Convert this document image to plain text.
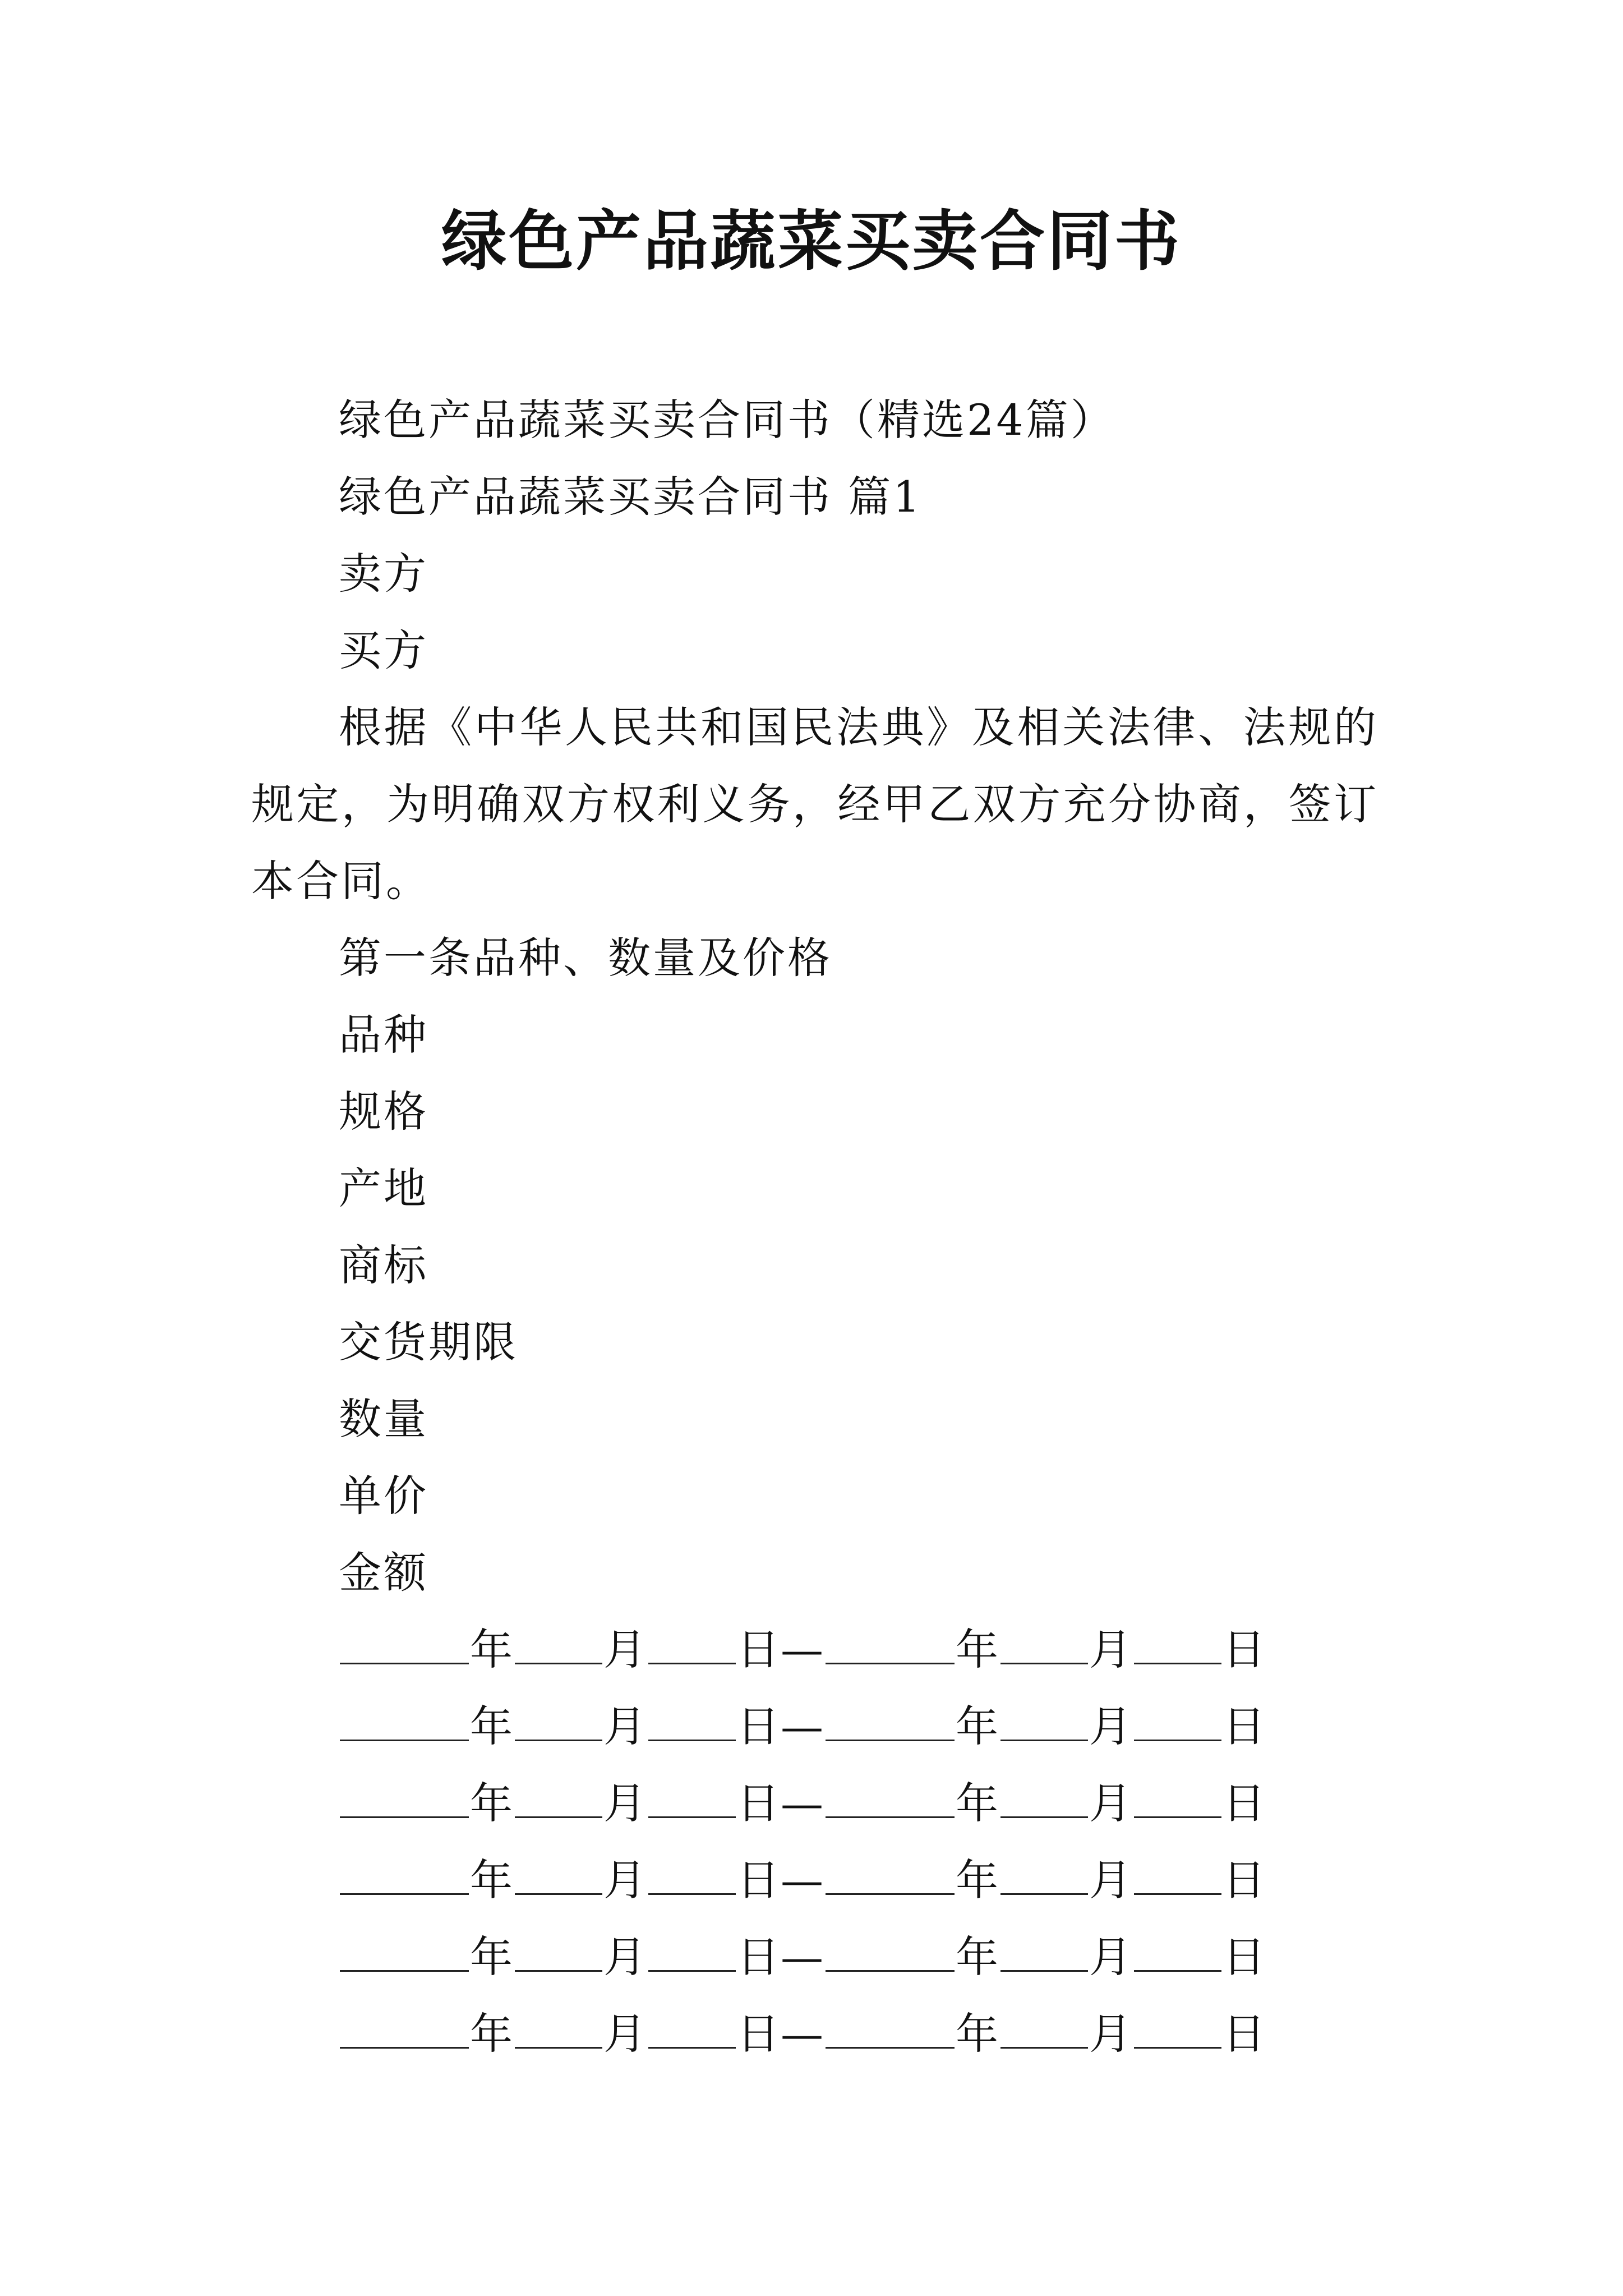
绿色产品蔬菜买卖合同书
绿色产品蔬菜买卖合同书（精选24篇）
绿色产品蔬菜买卖合同书 篇1
卖方
买方

根据《中华人民共和国民法典》及相关法律、法规的规定，为明确双方权利义务，经甲乙双方充分协商，签订本合同。

第一条品种、数量及价格
品种
规格
产地
商标
交货期限
数量
单价
金额
年 月 日—	年 月 日
年 月 日—	年 月 日
年 月 日—	年 月 日
年 月 日—	年 月 日
年 月 日—	年 月 日
年 月 日—	年 月 日
